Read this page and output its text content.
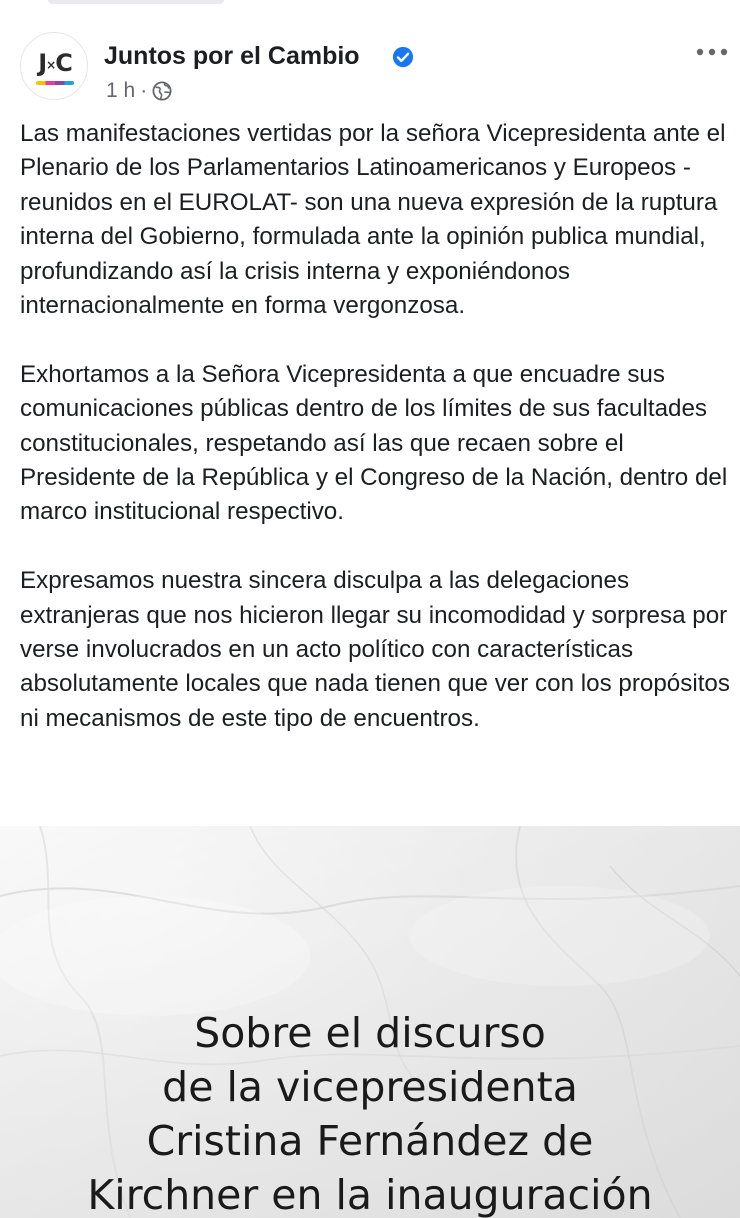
J×C	Juntos por el Cambio
1 h ·

Las manifestaciones vertidas por la señora Vicepresidenta ante el Plenario de los Parlamentarios Latinoamericanos y Europeos -reunidos en el EUROLAT- son una nueva expresión de la ruptura interna del Gobierno, formulada ante la opinión publica mundial, profundizando así la crisis interna y exponiéndonos internacionalmente en forma vergonzosa.

Exhortamos a la Señora Vicepresidenta a que encuadre sus comunicaciones públicas dentro de los límites de sus facultades constitucionales, respetando así las que recaen sobre el Presidente de la República y el Congreso de la Nación, dentro del marco institucional respectivo.

Expresamos nuestra sincera disculpa a las delegaciones extranjeras que nos hicieron llegar su incomodidad y sorpresa por verse involucrados en un acto político con características absolutamente locales que nada tienen que ver con los propósitos ni mecanismos de este tipo de encuentros.

Sobre el discurso
de la vicepresidenta
Cristina Fernández de
Kirchner en la inauguración
